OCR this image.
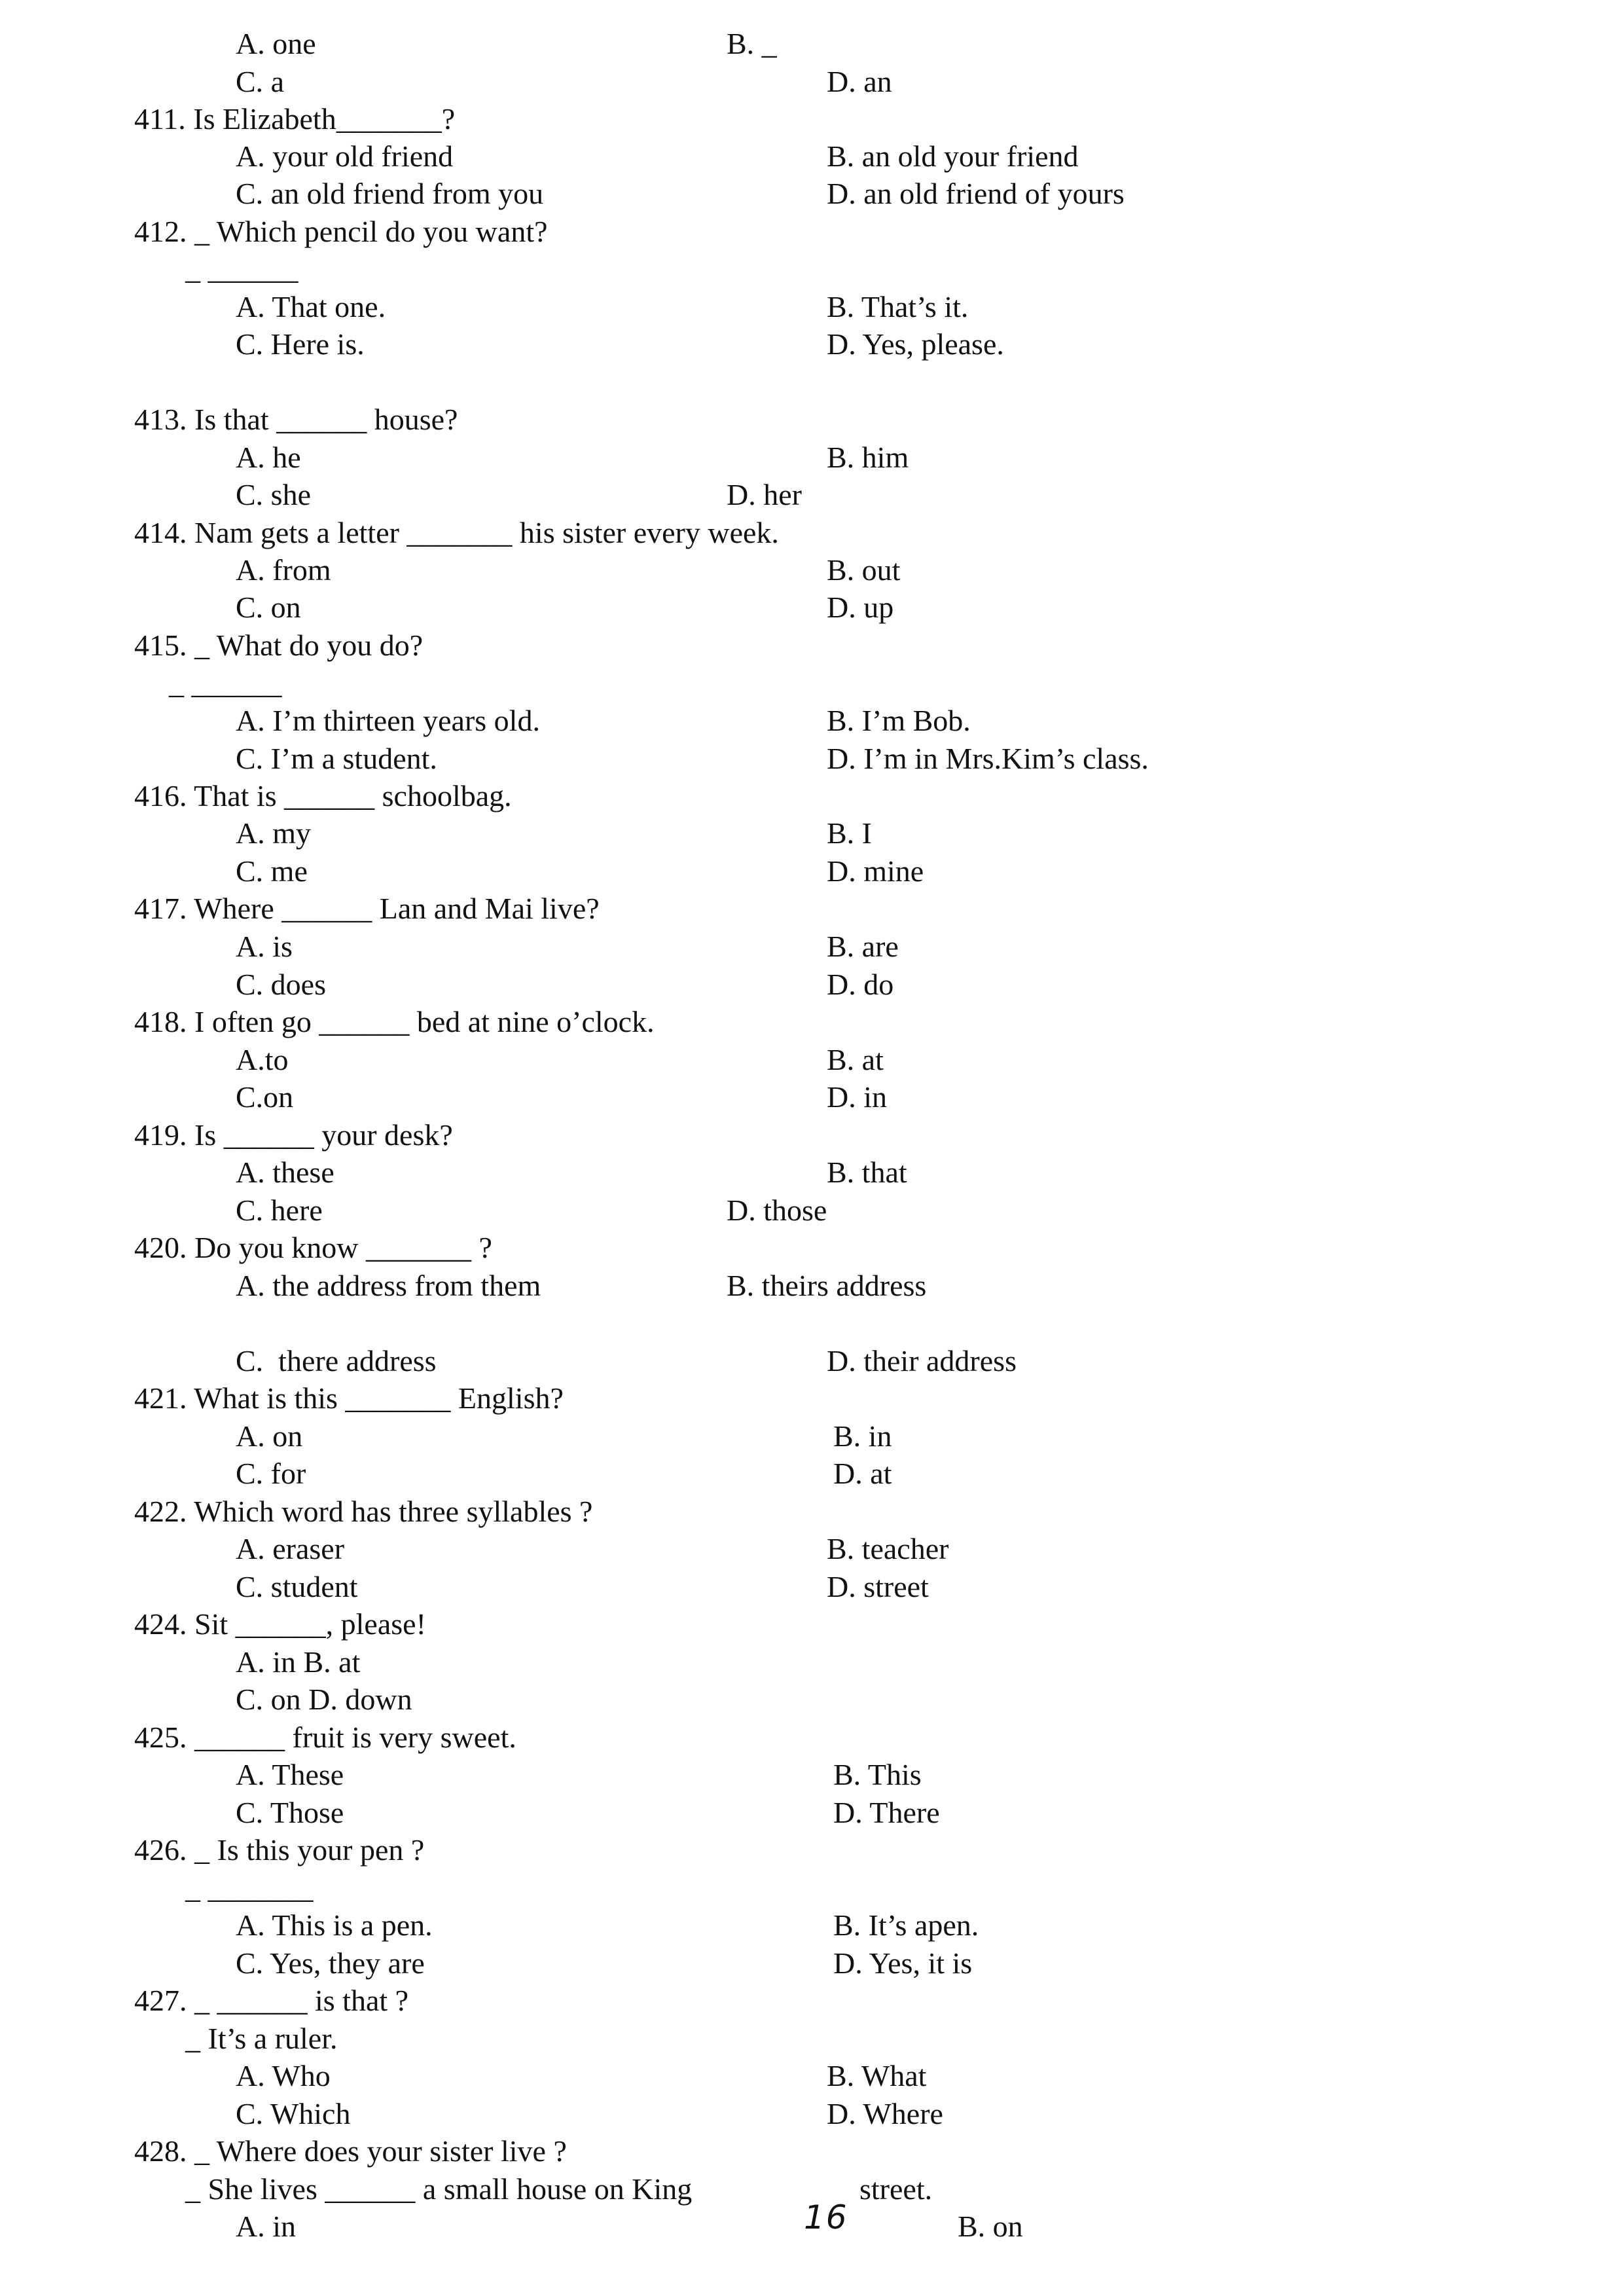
A. one	B. _
C. a	D. an
411. Is Elizabeth_______?
A. your old friend	B. an old your friend
C. an old friend from you	D. an old friend of yours
412. _ Which pencil do you want?
_ ______
A. That one.	B. That’s it.
C. Here is.	D. Yes, please.
413. Is that ______ house?
A. he	B. him
C. she	D. her
414. Nam gets a letter _______ his sister every week.
A. from	B. out
C. on	D. up
415. _ What do you do?
_ ______
A. I’m thirteen years old.	B. I’m Bob.
C. I’m a student.	D. I’m in Mrs.Kim’s class.
416. That is ______ schoolbag.
A. my	B. I
C. me	D. mine
417. Where ______ Lan and Mai live?
A. is	B. are
C. does	D. do
418. I often go ______ bed at nine o’clock.
A.to	B. at
C.on	D. in
419. Is ______ your desk?
A. these	B. that
C. here	D. those
420. Do you know _______ ?
A. the address from them	B. theirs address
C.  there address	D. their address
421. What is this _______ English?
A. on	B. in
C. for	D. at
422. Which word has three syllables ?
A. eraser	B. teacher
C. student	D. street
424. Sit ______, please!
A. in B. at
C. on D. down
425. ______ fruit is very sweet.
A. These	B. This
C. Those	D. There
426. _ Is this your pen ?
_ _______
A. This is a pen.	B. It’s apen.
C. Yes, they are	D. Yes, it is
427. _ ______ is that ?
_ It’s a ruler.
A. Who	B. What
C. Which	D. Where
428. _ Where does your sister live ?
_ She lives ______ a small house on King	street.
A. in	B. on
16
